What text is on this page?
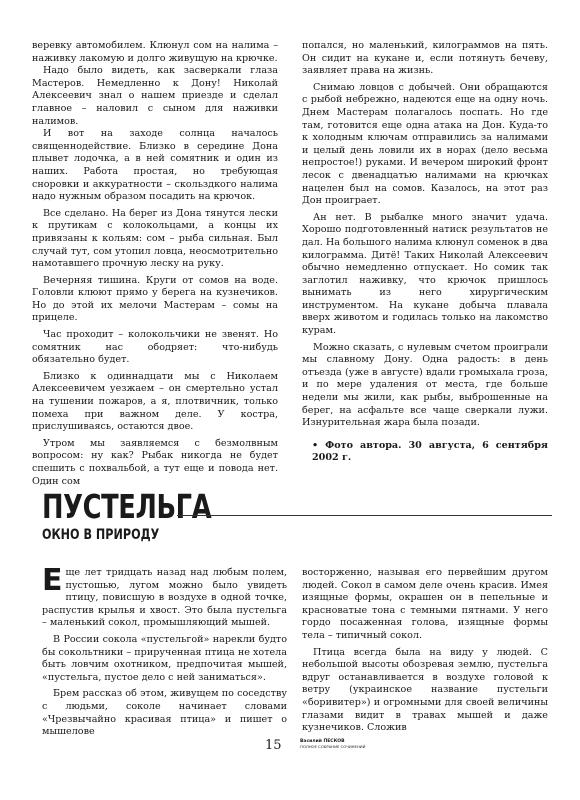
веревку автомобилем. Клюнул сом на налима – наживку лакомую и долго живущую на крючке.

Надо было видеть, как засверкали глаза Мастеров. Немедленно к Дону! Николай Алексеевич знал о нашем приезде и сделал главное – наловил с сыном для наживки налимов.

И вот на заходе солнца началось священнодействие. Близко в середине Дона плывет лодочка, а в ней сомятник и один из наших. Работа простая, но требующая сноровки и аккуратности – скольздкого налима надо нужным образом посадить на крючок.

Все сделано. На берег из Дона тянутся лески к прутикам с колокольцами, а концы их привязаны к кольям: сом – рыба сильная. Был случай тут, сом утопил ловца, неосмотрительно намотавшего прочную леску на руку.

Вечерняя тишина. Круги от сомов на воде. Головли клюют прямо у берега на кузнечиков. Но до этой их мелочи Мастерам – сомы на прицеле.

Час проходит – колокольчики не звенят. Но сомятник нас ободряет: что-нибудь обязательно будет.

Близко к одиннадцати мы с Николаем Алексеевичем уезжаем – он смертельно устал на тушении пожаров, а я, плотвичник, только помеха при важном деле. У костра, прислушиваясь, остаются двое.

Утром мы заявляемся с безмолвным вопросом: ну как? Рыбак никогда не будет спешить с похвальбой, а тут еще и повода нет. Один сом

попался, но маленький, килограммов на пять. Он сидит на кукане и, если потянуть бечеву, заявляет права на жизнь.

Снимаю ловцов с добычей. Они обращаются с рыбой небрежно, надеются еще на одну ночь. Днем Мастерам полагалось поспать. Но где там, готовится еще одна атака на Дон. Куда-то к холодным ключам отправились за налимами и целый день ловили их в норах (дело весьма непростое!) руками. И вечером широкий фронт лесок с двенадцатью налимами на крючках нацелен был на сомов. Казалось, на этот раз Дон проиграет.

Ан нет. В рыбалке много значит удача. Хорошо подготовленный натиск результатов не дал. На большого налима клюнул соменок в два килограмма. Дитё! Таких Николай Алексеевич обычно немедленно отпускает. Но сомик так заглотил наживку, что крючок пришлось вынимать из него хирургическим инструментом. На кукане добыча плавала вверх животом и годилась только на лакомство курам.

Можно сказать, с нулевым счетом проиграли мы славному Дону. Одна радость: в день отъезда (уже в августе) вдали громыхала гроза, и по мере удаления от места, где больше недели мы жили, как рыбы, выброшенные на берег, на асфальте все чаще сверкали лужи. Изнурительная жара была позади.

• Фото автора. 30 августа, 6 сентября 2002 г.

ПУСТЕЛЬГА
ОКНО В ПРИРОДУ

Еще лет тридцать назад над любым полем, пустошью, лугом можно было увидеть птицу, повисшую в воздухе в одной точке, распустив крылья и хвост. Это была пустельга – маленький сокол, промышляющий мышей.

В России сокола «пустельгой» нарекли будто бы сокольтники – прирученная птица не хотела быть ловчим охотником, предпочитая мышей, «пустельга, пустое дело с ней заниматься».

Брем рассказ об этом, живущем по соседству с людьми, соколе начинает словами «Чрезвычайно красивая птица» и пишет о мышелове

восторженно, называя его первейшим другом людей. Сокол в самом деле очень красив. Имея изящные формы, окрашен он в пепельные и красноватые тона с темными пятнами. У него гордо посаженная голова, изящные формы тела – типичный сокол.

Птица всегда была на виду у людей. С небольшой высоты обозревая землю, пустельга вдруг останавливается в воздухе головой к ветру (украинское название пустельги «боривитер») и огромными для своей величины глазами видит в травах мышей и даже кузнечиков. Сложив

15	Василий ПЕСКОВ
ПОЛНОЕ СОБРАНИЕ СОЧИНЕНИЙ
